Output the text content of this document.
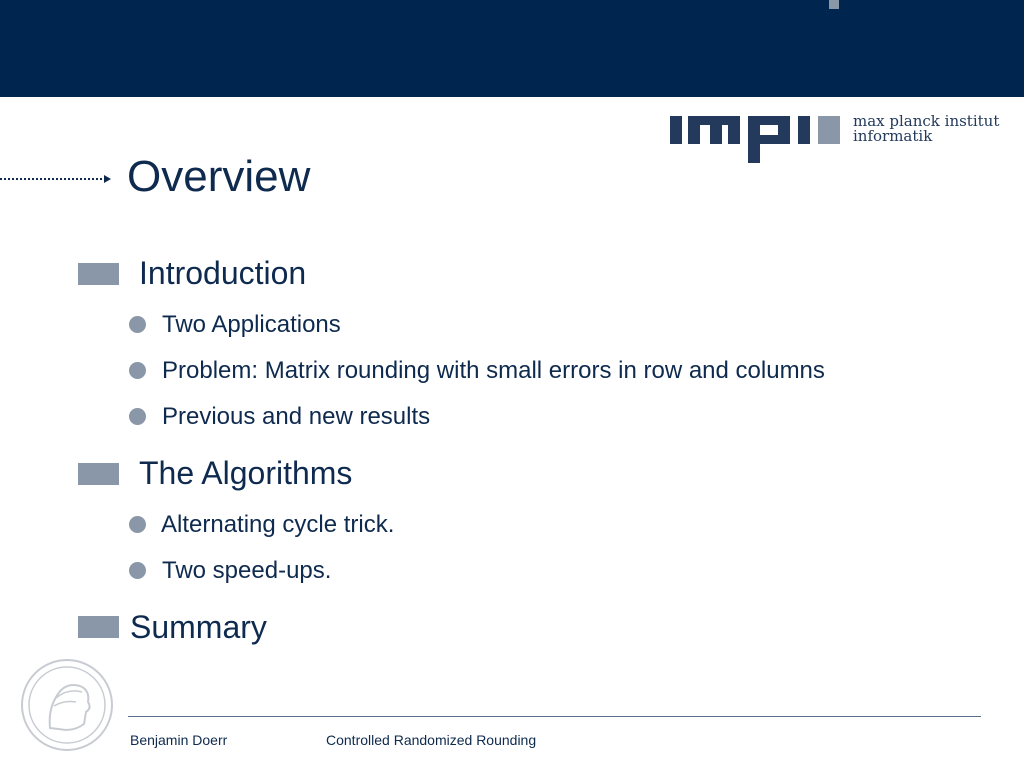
max planck institut
informatik
Overview
Introduction
Two Applications
Problem: Matrix rounding with small errors in row and columns
Previous and new results
The Algorithms
Alternating cycle trick.
Two speed-ups.
Summary
Benjamin Doerr	Controlled Randomized Rounding
